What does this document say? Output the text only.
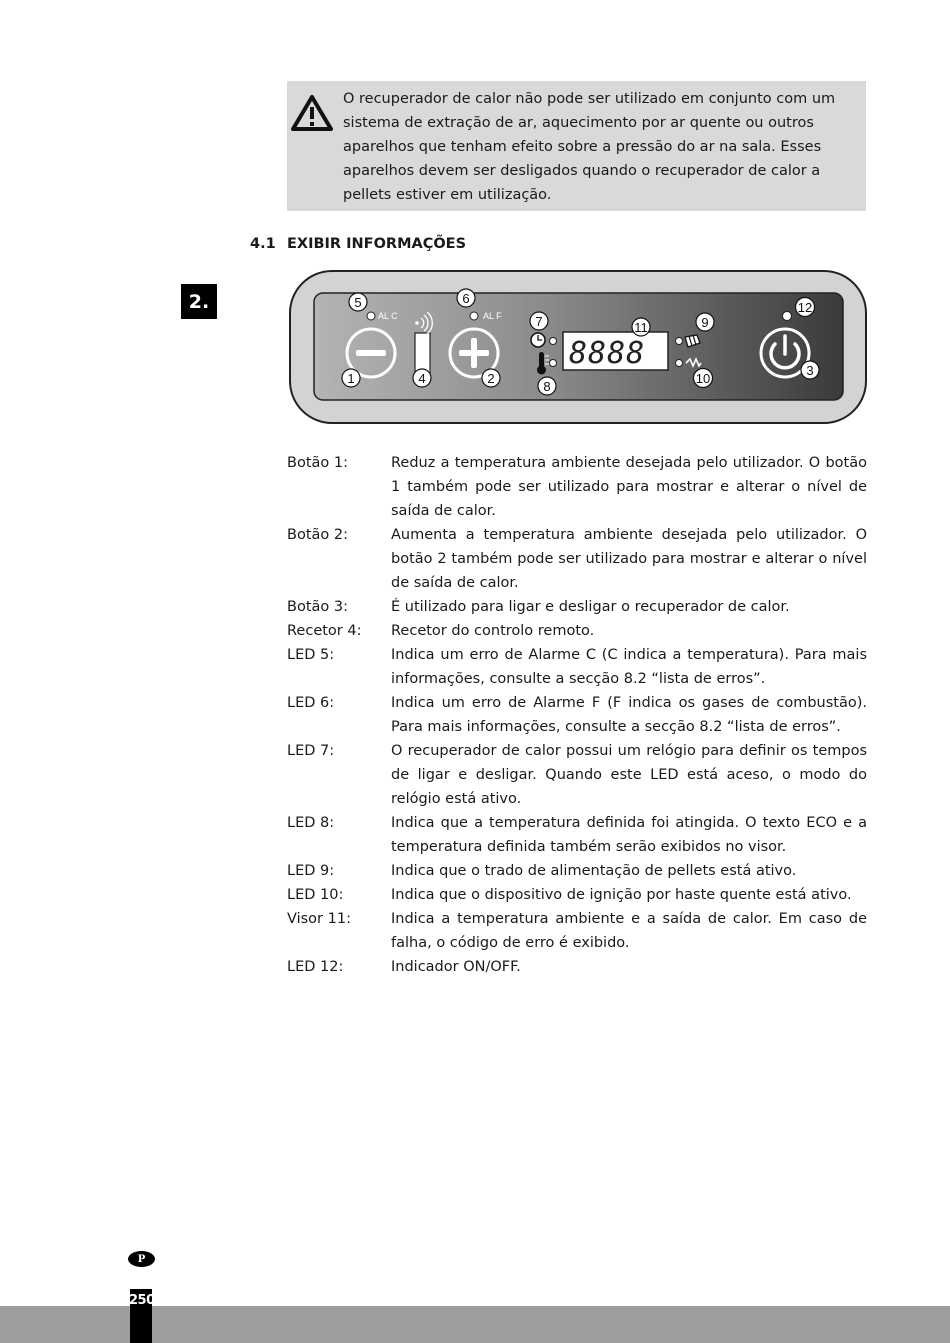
O recuperador de calor não pode ser utilizado em conjunto com um sistema de extração de ar, aquecimento por ar quente ou outros aparelhos que tenham efeito sobre a pressão do ar na sala. Esses aparelhos devem ser desligados quando o recuperador de calor a pellets estiver em utilização.
4.1 EXIBIR INFORMAÇÕES
2.
AL C	AL F
8888
5	6
7	11	9
12
1	4	2
8
10
3
Botão 1:	Reduz a temperatura ambiente desejada pelo utilizador. O botão 1 também pode ser utilizado para mostrar e alterar o nível de saída de calor.
Botão 2:	Aumenta a temperatura ambiente desejada pelo utilizador. O botão 2 também pode ser utilizado para mostrar e alterar o nível de saída de calor.
Botão 3:	É utilizado para ligar e desligar o recuperador de calor.
Recetor 4:	Recetor do controlo remoto.
LED 5:	Indica um erro de Alarme C (C indica a temperatura). Para mais informações, consulte a secção 8.2 “lista de erros”.
LED 6:	Indica um erro de Alarme F (F indica os gases de combustão). Para mais informações, consulte a secção 8.2 “lista de erros”.
LED 7:	O recuperador de calor possui um relógio para definir os tempos de ligar e desligar. Quando este LED está aceso, o modo do relógio está ativo.
LED 8:	Indica que a temperatura definida foi atingida. O texto ECO e a temperatura definida também serão exibidos no visor.
LED 9:	Indica que o trado de alimentação de pellets está ativo.
LED 10:	Indica que o dispositivo de ignição por haste quente está ativo.
Visor 11:	Indica a temperatura ambiente e a saída de calor. Em caso de falha, o código de erro é exibido.
LED 12:	Indicador ON/OFF.
P
250
